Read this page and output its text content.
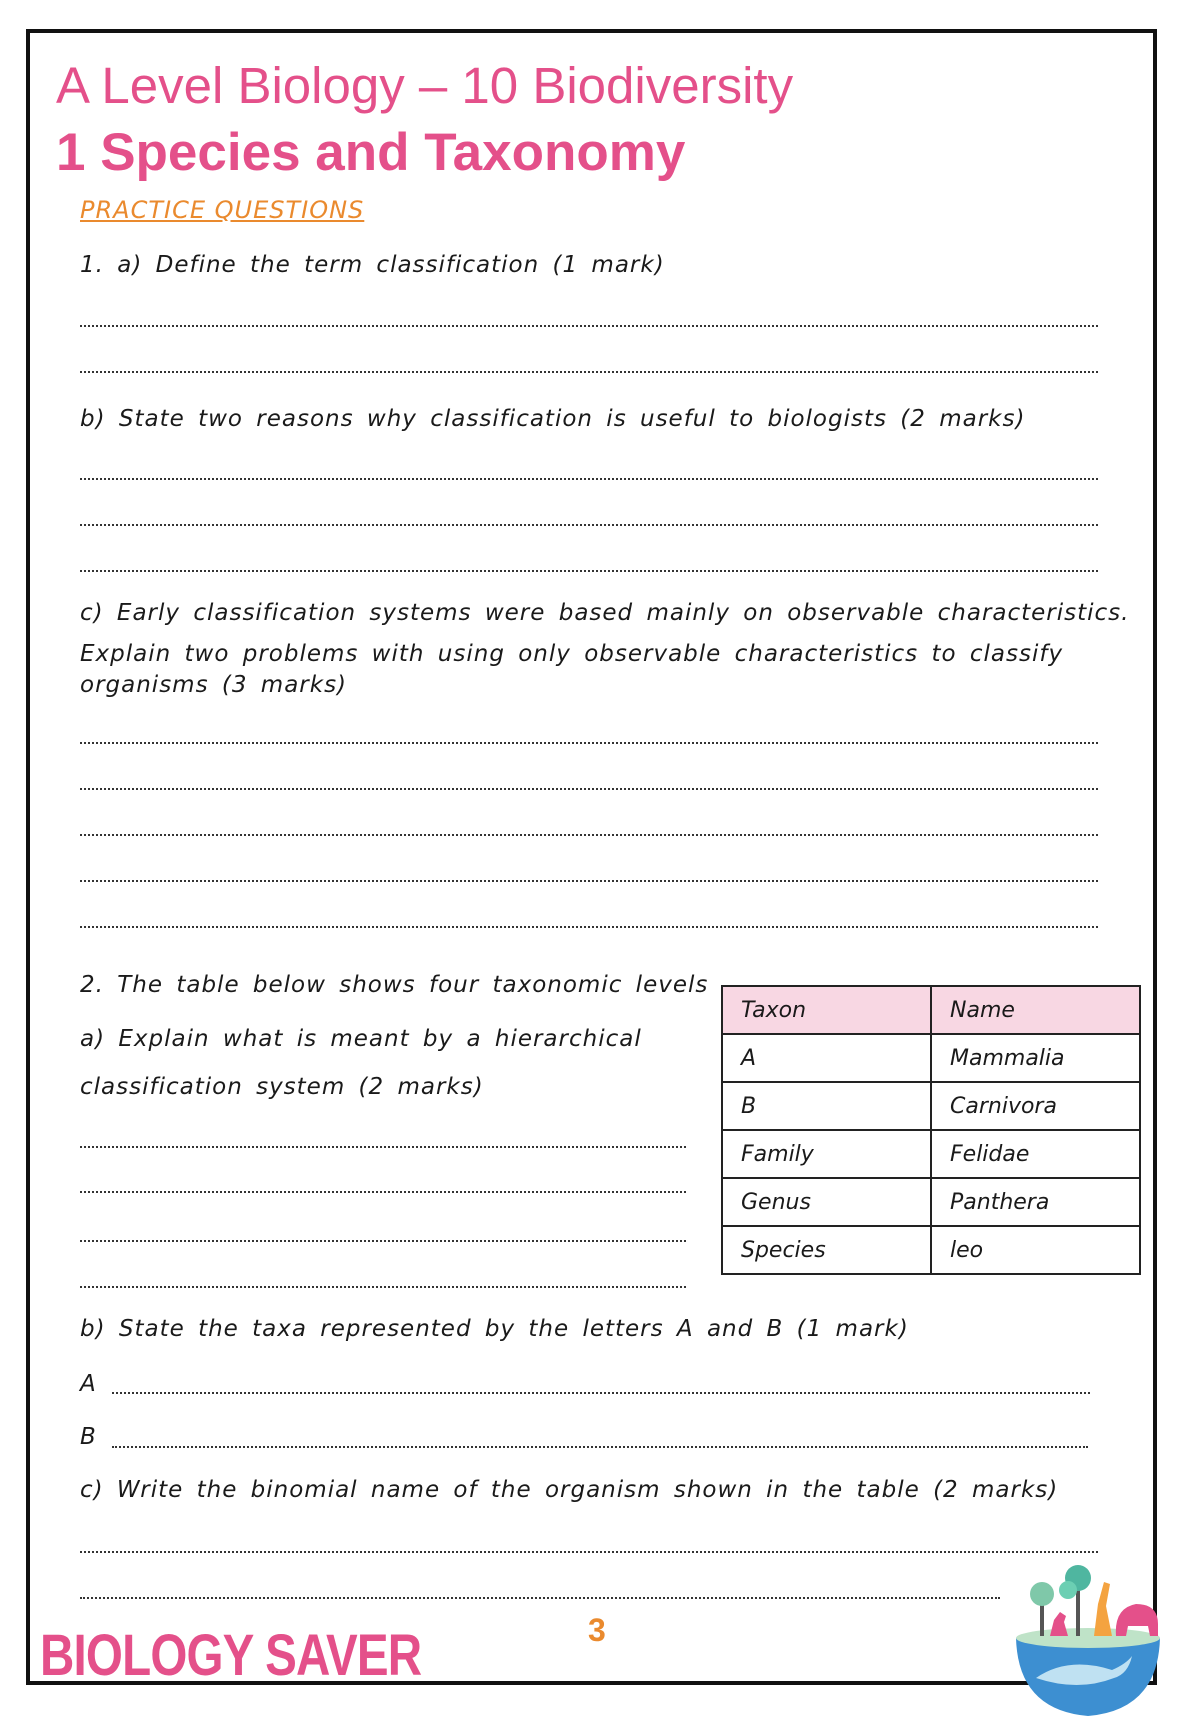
A Level Biology – 10 Biodiversity
1 Species and Taxonomy
PRACTICE QUESTIONS
1. a) Define the term classification (1 mark)
b) State two reasons why classification is useful to biologists (2 marks)
c) Early classification systems were based mainly on observable characteristics.
Explain two problems with using only observable characteristics to classify
organisms (3 marks)
2. The table below shows four taxonomic levels
a) Explain what is meant by a hierarchical
classification system (2 marks)
Taxon	Name
A	Mammalia
B	Carnivora
Family	Felidae
Genus	Panthera
Species	leo
b) State the taxa represented by the letters A and B (1 mark)
A
B
c) Write the binomial name of the organism shown in the table (2 marks)
3
BIOLOGY SAVER
